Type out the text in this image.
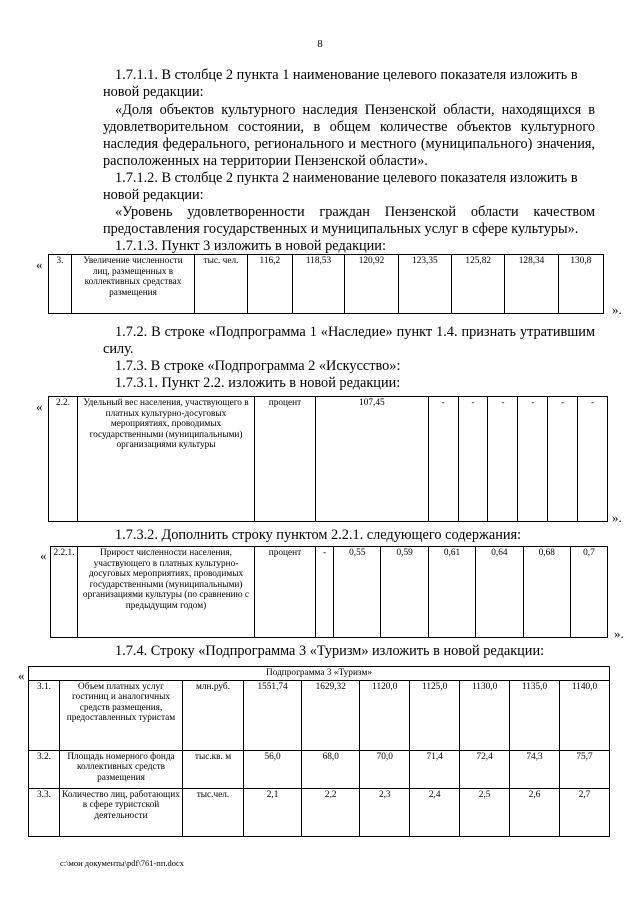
8
1.7.1.1. В столбце 2 пункта 1 наименование целевого показателя изложить в
новой редакции:
«Доля объектов культурного наследия Пензенской области, находящихся в удовлетворительном состоянии, в общем количестве объектов культурного наследия федерального, регионального и местного (муниципального) значения, расположенных на территории Пензенской области».
1.7.1.2. В столбце 2 пункта 2 наименование целевого показателя изложить в
новой редакции:
«Уровень удовлетворенности граждан Пензенской области качеством предоставления государственных и муниципальных услуг в сфере культуры».
1.7.1.3. Пункт 3 изложить в новой редакции:
« 3.	Увеличение численности лиц, размещенных в коллективных средствах размещения	тыс. чел.	116,2	118,53	120,92	123,35	125,82	128,34	130,8
».
1.7.2. В строке «Подпрограмма 1 «Наследие» пункт 1.4. признать утратившим силу.
1.7.3. В строке «Подпрограмма 2 «Искусство»:
1.7.3.1. Пункт 2.2. изложить в новой редакции:
« 2.2.	Удельный вес населения, участвующего в платных культурно-досуговых мероприятиях, проводимых государственными (муниципальными) организациями культуры	процент	107,45	-	-	-	-	-	-
».
1.7.3.2. Дополнить строку пунктом 2.2.1. следующего содержания:
« 2.2.1.	Прирост численности населения, участвующего в платных культурно-досуговых мероприятиях, проводимых государственными (муниципальными) организациями культуры (по сравнению с предыдущим годом)	процент	-	0,55	0,59	0,61	0,64	0,68	0,7
».
1.7.4. Строку «Подпрограмма 3 «Туризм» изложить в новой редакции:
«	Подпрограмма 3 «Туризм»									
3.1.	Объем платных услуг гостиниц и аналогичных средств размещения, предоставленных туристам	млн.руб.	1551,74	1629,32	1120,0	1125,0	1130,0	1135,0	1140,0
3.2.	Площадь номерного фонда коллективных средств размещения	тыс.кв. м	56,0	68,0	70,0	71,4	72,4	74,3	75,7
3.3.	Количество лиц, работающих в сфере туристской деятельности	тыс.чел.	2,1	2,2	2,3	2,4	2,5	2,6	2,7
c:\мои документы\pdf\761-пп.docx
